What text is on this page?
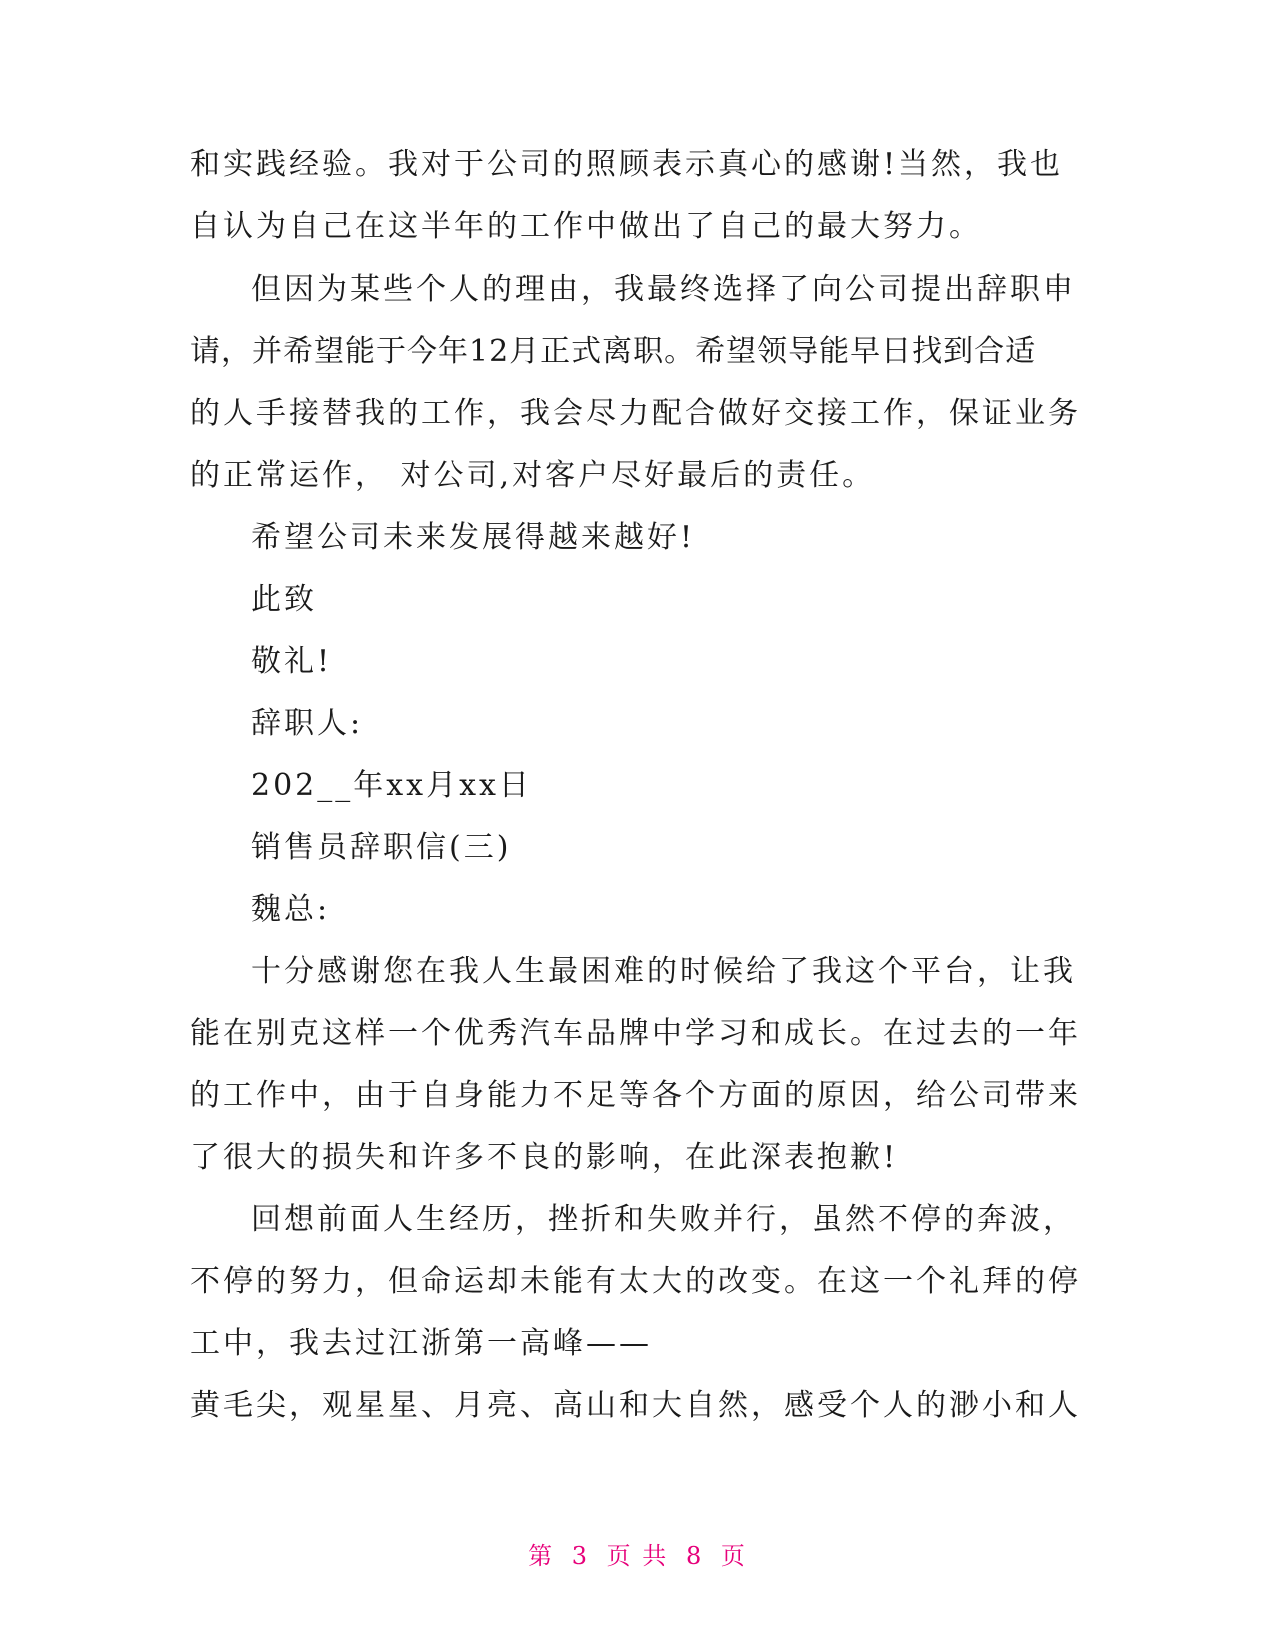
和实践经验。我对于公司的照顾表示真心的感谢!当然，我也
自认为自己在这半年的工作中做出了自己的最大努力。
但因为某些个人的理由，我最终选择了向公司提出辞职申
请，并希望能于今年12月正式离职。希望领导能早日找到合适
的人手接替我的工作，我会尽力配合做好交接工作，保证业务
的正常运作， 对公司,对客户尽好最后的责任。
希望公司未来发展得越来越好!
此致
敬礼!
辞职人:
202__年xx月xx日
销售员辞职信(三)
魏总:
十分感谢您在我人生最困难的时候给了我这个平台，让我
能在别克这样一个优秀汽车品牌中学习和成长。在过去的一年
的工作中，由于自身能力不足等各个方面的原因，给公司带来
了很大的损失和许多不良的影响，在此深表抱歉!
回想前面人生经历，挫折和失败并行，虽然不停的奔波，
不停的努力，但命运却未能有太大的改变。在这一个礼拜的停
工中，我去过江浙第一高峰——
黄毛尖，观星星、月亮、高山和大自然，感受个人的渺小和人
第 3 页 共 8 页
